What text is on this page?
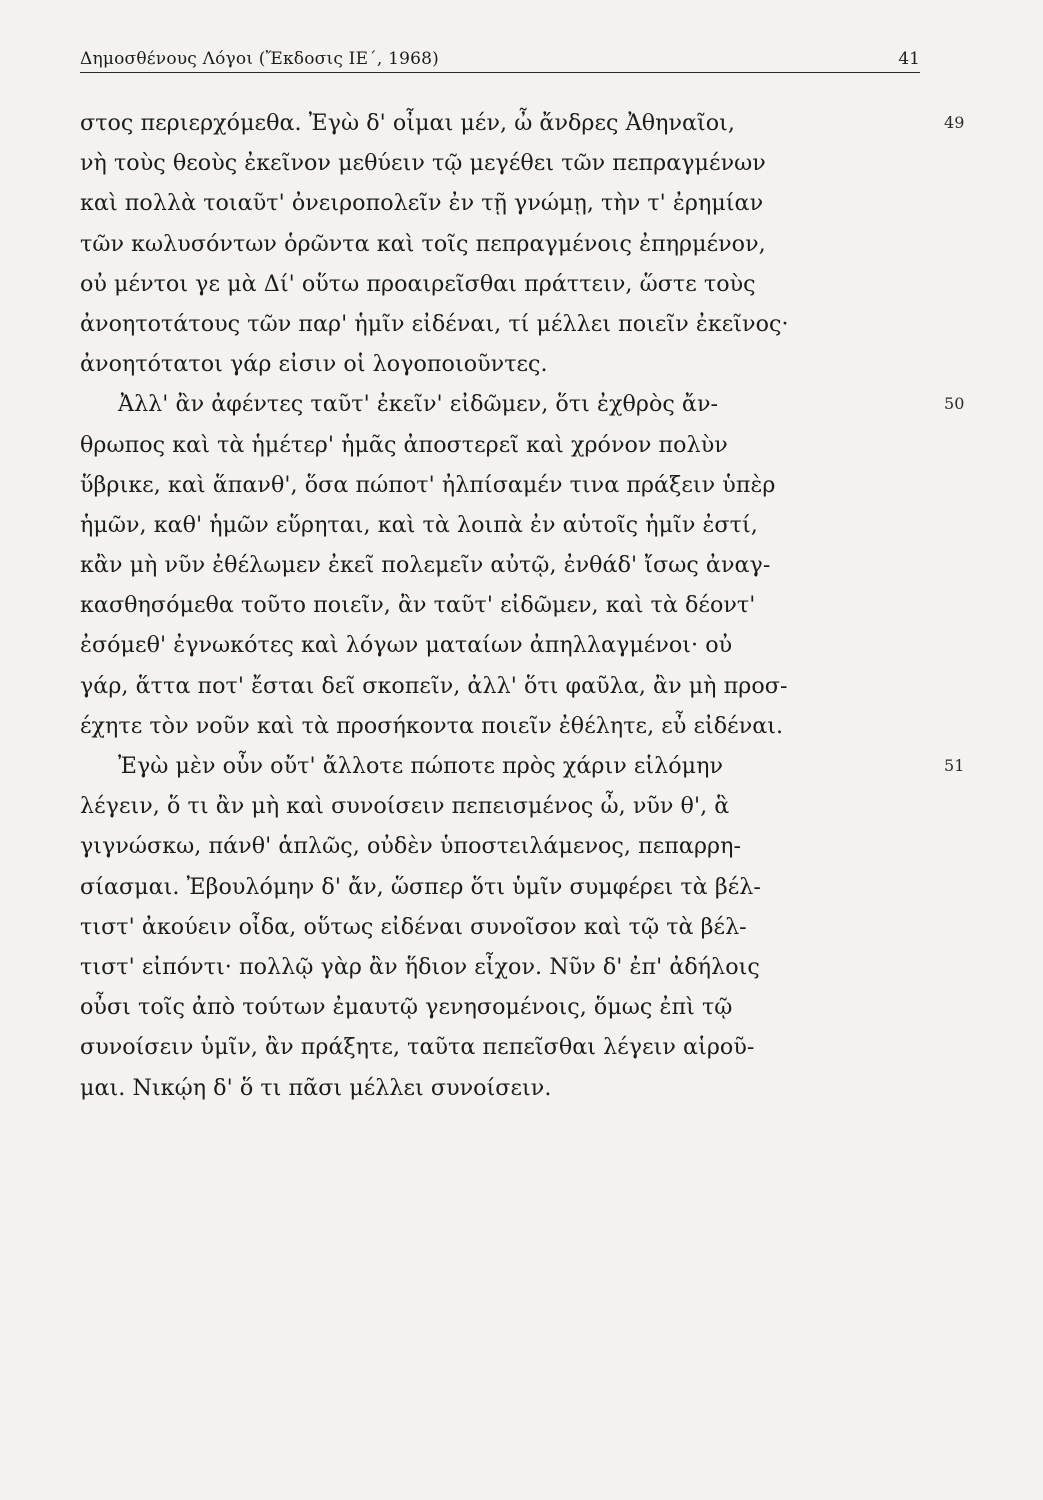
Δημοσθένους Λόγοι (Ἔκδοσις ΙΕ΄, 1968)	41
στος περιερχόμεθα. Ἐγὼ δ' οἶμαι μέν, ὦ ἄνδρες Ἀθηναῖοι,	49
νὴ τοὺς θεοὺς ἐκεῖνον μεθύειν τῷ μεγέθει τῶν πεπραγμένων
καὶ πολλὰ τοιαῦτ' ὀνειροπολεῖν ἐν τῇ γνώμῃ, τὴν τ' ἐρημίαν
τῶν κωλυσόντων ὁρῶντα καὶ τοῖς πεπραγμένοις ἐπηρμένον,
οὐ μέντοι γε μὰ Δί' οὕτω προαιρεῖσθαι πράττειν, ὥστε τοὺς
ἀνοητοτάτους τῶν παρ' ἡμῖν εἰδέναι, τί μέλλει ποιεῖν ἐκεῖνος·
ἀνοητότατοι γάρ εἰσιν οἱ λογοποιοῦντες.
Ἀλλ' ἂν ἀφέντες ταῦτ' ἐκεῖν' εἰδῶμεν, ὅτι ἐχθρὸς ἄν-	50
θρωπος καὶ τὰ ἡμέτερ' ἡμᾶς ἀποστερεῖ καὶ χρόνον πολὺν
ὕβρικε, καὶ ἅπανθ', ὅσα πώποτ' ἠλπίσαμέν τινα πράξειν ὑπὲρ
ἡμῶν, καθ' ἡμῶν εὕρηται, καὶ τὰ λοιπὰ ἐν αὑτοῖς ἡμῖν ἐστί,
κἂν μὴ νῦν ἐθέλωμεν ἐκεῖ πολεμεῖν αὐτῷ, ἐνθάδ' ἴσως ἀναγ-
κασθησόμεθα τοῦτο ποιεῖν, ἂν ταῦτ' εἰδῶμεν, καὶ τὰ δέοντ'
ἐσόμεθ' ἐγνωκότες καὶ λόγων ματαίων ἀπηλλαγμένοι· οὐ
γάρ, ἅττα ποτ' ἔσται δεῖ σκοπεῖν, ἀλλ' ὅτι φαῦλα, ἂν μὴ προσ-
έχητε τὸν νοῦν καὶ τὰ προσήκοντα ποιεῖν ἐθέλητε, εὖ εἰδέναι.
Ἐγὼ μὲν οὖν οὔτ' ἄλλοτε πώποτε πρὸς χάριν εἱλόμην	51
λέγειν, ὅ τι ἂν μὴ καὶ συνοίσειν πεπεισμένος ὦ, νῦν θ', ἃ
γιγνώσκω, πάνθ' ἁπλῶς, οὐδὲν ὑποστειλάμενος, πεπαρρη-
σίασμαι. Ἐβουλόμην δ' ἄν, ὥσπερ ὅτι ὑμῖν συμφέρει τὰ βέλ-
τιστ' ἀκούειν οἶδα, οὕτως εἰδέναι συνοῖσον καὶ τῷ τὰ βέλ-
τιστ' εἰπόντι· πολλῷ γὰρ ἂν ἥδιον εἶχον. Νῦν δ' ἐπ' ἀδήλοις
οὖσι τοῖς ἀπὸ τούτων ἐμαυτῷ γενησομένοις, ὅμως ἐπὶ τῷ
συνοίσειν ὑμῖν, ἂν πράξητε, ταῦτα πεπεῖσθαι λέγειν αἱροῦ-
μαι. Νικῴη δ' ὅ τι πᾶσι μέλλει συνοίσειν.
